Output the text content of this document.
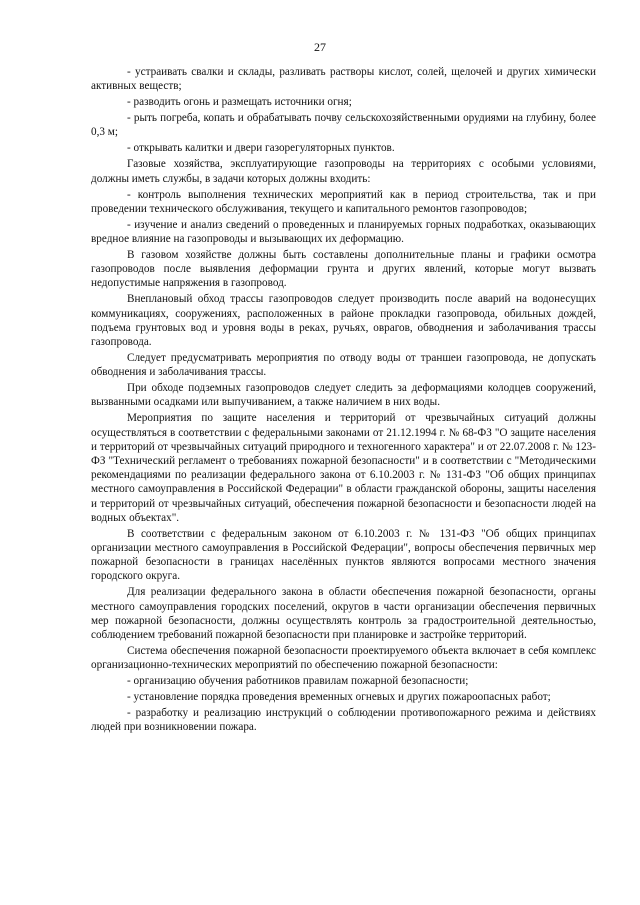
27

- устраивать свалки и склады, разливать растворы кислот, солей, щелочей и других химически активных веществ;

- разводить огонь и размещать источники огня;

- рыть погреба, копать и обрабатывать почву сельскохозяйственными орудиями на глубину, более 0,3 м;

- открывать калитки и двери газорегуляторных пунктов.

Газовые хозяйства, эксплуатирующие газопроводы на территориях с особыми условиями, должны иметь службы, в задачи которых должны входить:

- контроль выполнения технических мероприятий как в период строительства, так и при проведении технического обслуживания, текущего и капитального ремонтов газопроводов;

- изучение и анализ сведений о проведенных и планируемых горных подработках, оказывающих вредное влияние на газопроводы и вызывающих их деформацию.

В газовом хозяйстве должны быть составлены дополнительные планы и графики осмотра газопроводов после выявления деформации грунта и других явлений, которые могут вызвать недопустимые напряжения в газопровод.

Внеплановый обход трассы газопроводов следует производить после аварий на водонесущих коммуникациях, сооружениях, расположенных в районе прокладки газопровода, обильных дождей, подъема грунтовых вод и уровня воды в реках, ручьях, оврагов, обводнения и заболачивания трассы газопровода.

Следует предусматривать мероприятия по отводу воды от траншеи газопровода, не допускать обводнения и заболачивания трассы.

При обходе подземных газопроводов следует следить за деформациями колодцев сооружений, вызванными осадками или выпучиванием, а также наличием в них воды.

Мероприятия по защите населения и территорий от чрезвычайных ситуаций должны осуществляться в соответствии с федеральными законами от 21.12.1994 г. № 68-ФЗ "О защите населения и территорий от чрезвычайных ситуаций природного и техногенного характера" и от 22.07.2008 г. № 123-ФЗ "Технический регламент о требованиях пожарной безопасности" и в соответствии с "Методическими рекомендациями по реализации федерального закона от 6.10.2003 г. № 131-ФЗ "Об общих принципах местного самоуправления в Российской Федерации" в области гражданской обороны, защиты населения и территорий от чрезвычайных ситуаций, обеспечения пожарной безопасности и безопасности людей на водных объектах".

В соответствии с федеральным законом от 6.10.2003 г. № 131-ФЗ "Об общих принципах организации местного самоуправления в Российской Федерации", вопросы обеспечения первичных мер пожарной безопасности в границах населённых пунктов являются вопросами местного значения городского округа.

Для реализации федерального закона в области обеспечения пожарной безопасности, органы местного самоуправления городских поселений, округов в части организации обеспечения первичных мер пожарной безопасности, должны осуществлять контроль за градостроительной деятельностью, соблюдением требований пожарной безопасности при планировке и застройке территорий.

Система обеспечения пожарной безопасности проектируемого объекта включает в себя комплекс организационно-технических мероприятий по обеспечению пожарной безопасности:

- организацию обучения работников правилам пожарной безопасности;

- установление порядка проведения временных огневых и других пожароопасных работ;

- разработку и реализацию инструкций о соблюдении противопожарного режима и действиях людей при возникновении пожара.
